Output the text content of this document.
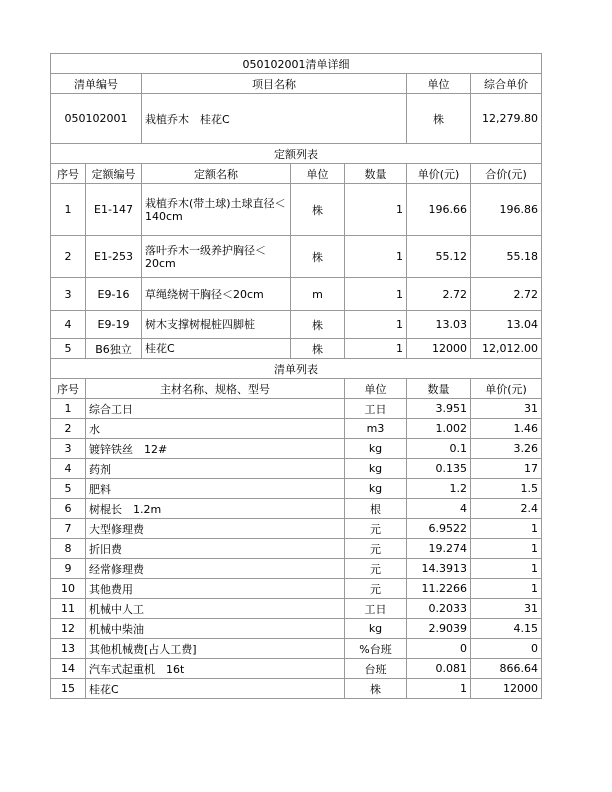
050102001清单详细							
清单编号		项目名称			单位	综合单价	
050102001		栽植乔木　桂花C			株	12,279.80	
定额列表							
序号	定额编号	定额名称	单位	数量	单价(元)	合价(元)	
1	E1-147	栽植乔木(带土球)土球直径＜140cm	株	1	196.66	196.86	
2	E1-253	落叶乔木一级养护胸径＜20cm	株	1	55.12	55.18	
3	E9-16	草绳绕树干胸径＜20cm	m	1	2.72	2.72	
4	E9-19	树木支撑树棍桩四脚桩	株	1	13.03	13.04	
5	B6独立	桂花C	株	1	12000	12,012.00	
清单列表							
序号	主材名称、规格、型号			单位	数量	单价(元)	
1	综合工日			工日	3.951	31	
2	水			m3	1.002	1.46	
3	镀锌铁丝　12#			kg	0.1	3.26	
4	药剂			kg	0.135	17	
5	肥料			kg	1.2	1.5	
6	树棍长　1.2m			根	4	2.4	
7	大型修理费			元	6.9522	1	
8	折旧费			元	19.274	1	
9	经常修理费			元	14.3913	1	
10	其他费用			元	11.2266	1	
11	机械中人工			工日	0.2033	31	
12	机械中柴油			kg	2.9039	4.15	
13	其他机械费[占人工费]			%台班	0	0	
14	汽车式起重机　16t			台班	0.081	866.64	
15	桂花C			株	1	12000	
